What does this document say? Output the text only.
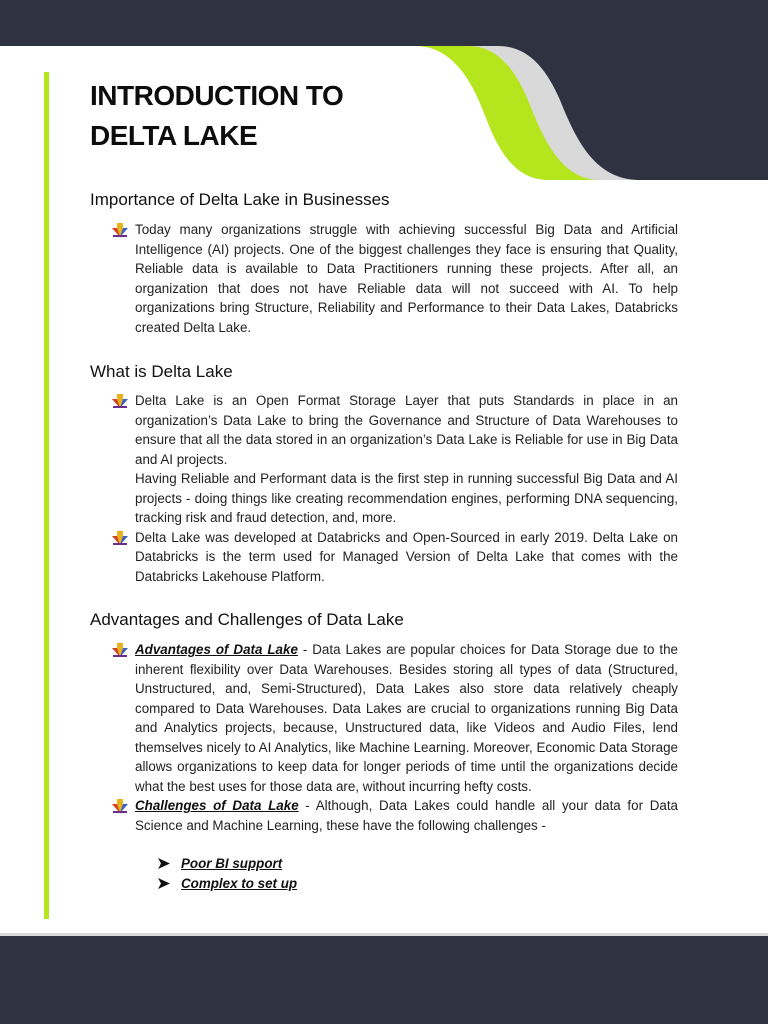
INTRODUCTION TO
DELTA LAKE
Importance of Delta Lake in Businesses
Today many organizations struggle with achieving successful Big Data and Artificial Intelligence (AI) projects. One of the biggest challenges they face is ensuring that Quality, Reliable data is available to Data Practitioners running these projects. After all, an organization that does not have Reliable data will not succeed with AI. To help organizations bring Structure, Reliability and Performance to their Data Lakes, Databricks created Delta Lake.
What is Delta Lake
Delta Lake is an Open Format Storage Layer that puts Standards in place in an organization’s Data Lake to bring the Governance and Structure of Data Warehouses to ensure that all the data stored in an organization’s Data Lake is Reliable for use in Big Data and AI projects.
Having Reliable and Performant data is the first step in running successful Big Data and AI projects - doing things like creating recommendation engines, performing DNA sequencing, tracking risk and fraud detection, and, more.
Delta Lake was developed at Databricks and Open-Sourced in early 2019. Delta Lake on Databricks is the term used for Managed Version of Delta Lake that comes with the Databricks Lakehouse Platform.
Advantages and Challenges of Data Lake
Advantages of Data Lake - Data Lakes are popular choices for Data Storage due to the inherent flexibility over Data Warehouses. Besides storing all types of data (Structured, Unstructured, and, Semi-Structured), Data Lakes also store data relatively cheaply compared to Data Warehouses. Data Lakes are crucial to organizations running Big Data and Analytics projects, because, Unstructured data, like Videos and Audio Files, lend themselves nicely to AI Analytics, like Machine Learning. Moreover, Economic Data Storage allows organizations to keep data for longer periods of time until the organizations decide what the best uses for those data are, without incurring hefty costs.
Challenges of Data Lake - Although, Data Lakes could handle all your data for Data Science and Machine Learning, these have the following challenges -
Poor BI support
Complex to set up
